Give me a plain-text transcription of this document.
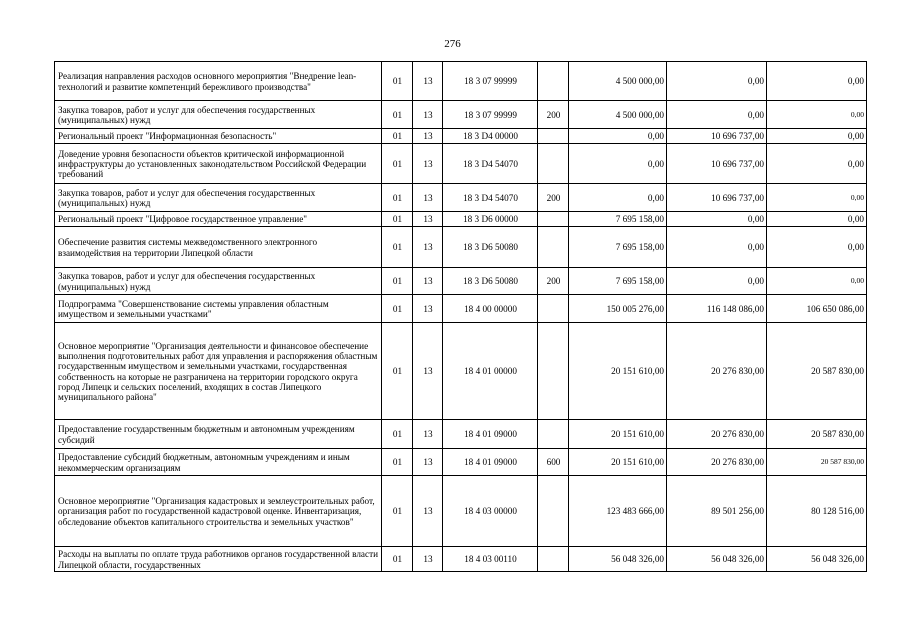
276
Реализация направления расходов основного мероприятия "Внедрение lean-технологий и развитие компетенций бережливого производства"	01	13	18 3 07 99999		4 500 000,00	0,00	0,00
Закупка товаров, работ и услуг для обеспечения государственных (муниципальных) нужд	01	13	18 3 07 99999	200	4 500 000,00	0,00	0,00
Региональный проект "Информационная безопасность"	01	13	18 3 D4 00000		0,00	10 696 737,00	0,00
Доведение уровня безопасности объектов критической информационной инфраструктуры до установленных законодательством Российской Федерации требований	01	13	18 3 D4 54070		0,00	10 696 737,00	0,00
Закупка товаров, работ и услуг для обеспечения государственных (муниципальных) нужд	01	13	18 3 D4 54070	200	0,00	10 696 737,00	0,00
Региональный проект "Цифровое государственное управление"	01	13	18 3 D6 00000		7 695 158,00	0,00	0,00
Обеспечение развития системы межведомственного электронного взаимодействия на территории Липецкой области	01	13	18 3 D6 50080		7 695 158,00	0,00	0,00
Закупка товаров, работ и услуг для обеспечения государственных (муниципальных) нужд	01	13	18 3 D6 50080	200	7 695 158,00	0,00	0,00
Подпрограмма "Совершенствование системы управления областным имуществом и земельными участками"	01	13	18 4 00 00000		150 005 276,00	116 148 086,00	106 650 086,00
Основное мероприятие "Организация деятельности и финансовое обеспечение выполнения подготовительных работ для управления и распоряжения областным государственным имуществом и земельными участками, государственная собственность на которые не разграничена на территории городского округа город Липецк и сельских поселений, входящих в состав Липецкого муниципального района"	01	13	18 4 01 00000		20 151 610,00	20 276 830,00	20 587 830,00
Предоставление государственным бюджетным и автономным учреждениям субсидий	01	13	18 4 01 09000		20 151 610,00	20 276 830,00	20 587 830,00
Предоставление субсидий бюджетным, автономным учреждениям и иным некоммерческим организациям	01	13	18 4 01 09000	600	20 151 610,00	20 276 830,00	20 587 830,00
Основное мероприятие "Организация кадастровых и землеустроительных работ, организация работ по государственной кадастровой оценке. Инвентаризация, обследование объектов капитального строительства и земельных участков"	01	13	18 4 03 00000		123 483 666,00	89 501 256,00	80 128 516,00
Расходы на выплаты по оплате труда работников органов государственной власти Липецкой области, государственных	01	13	18 4 03 00110		56 048 326,00	56 048 326,00	56 048 326,00
